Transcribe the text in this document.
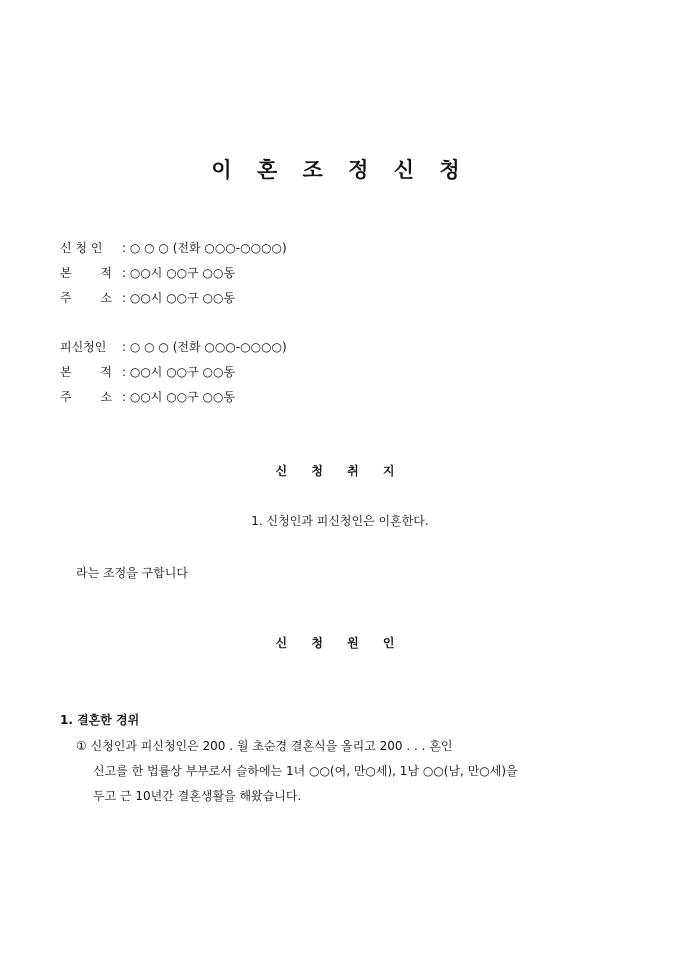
이 혼 조 정 신 청
신 청 인	: ○ ○ ○ (전화 ○○○-○○○○)
본 적 : ○○시 ○○구 ○○동
주 소 : ○○시 ○○구 ○○동
피신청인	: ○ ○ ○ (전화 ○○○-○○○○)
본 적 : ○○시 ○○구 ○○동
주 소 : ○○시 ○○구 ○○동
신 청 취 지
1. 신청인과 피신청인은 이혼한다.
라는 조정을 구합니다
신 청 원 인
1. 결혼한 경위
① 신청인과 피신청인은 200 . 월 초순경 결혼식을 올리고 200 . . . 혼인
신고를 한 법률상 부부로서 슬하에는 1녀 ○○(여, 만○세), 1남 ○○(남, 만○세)을
두고 근 10년간 결혼생활을 해왔습니다.
